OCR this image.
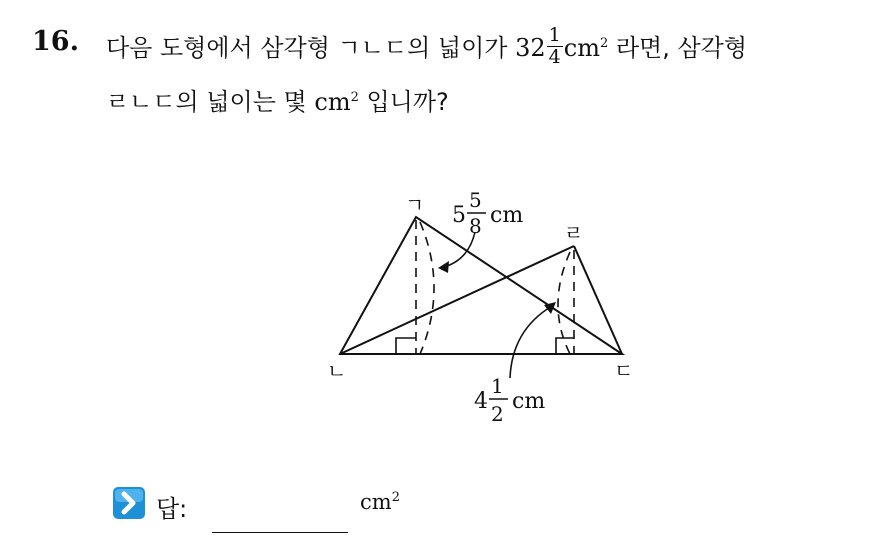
16. 다음 도형에서 삼각형 ㄱㄴㄷ의 넓이가 $32 \frac{1}{4} cm^2$ 라면, 삼각형
ㄹㄴㄷ의 넓이는 몇 $cm^2$ 입니까?
ㄱ
ㄴ	ㄷ
ㄹ
5
5
8 cm
4
1
2 cm
답:	$cm^2$
